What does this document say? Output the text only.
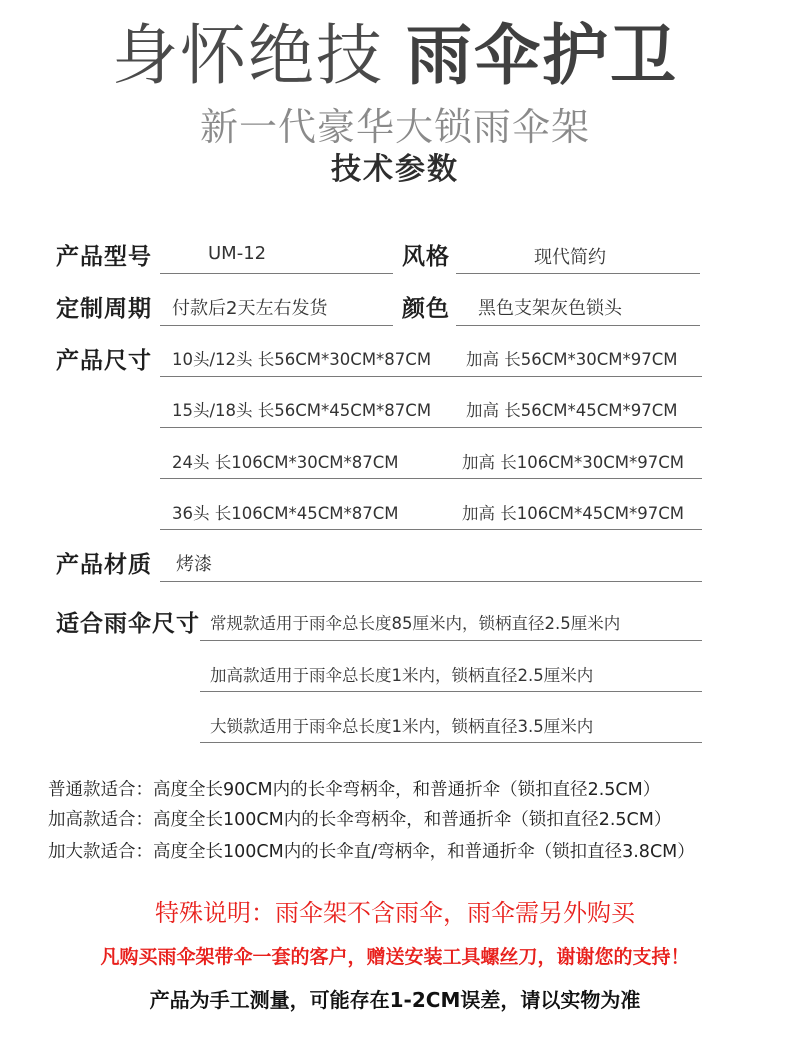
身怀绝技 雨伞护卫
新一代豪华大锁雨伞架
技术参数
产品型号	UM-12	风格	现代简约
定制周期 付款后2天左右发货	颜色 黑色支架灰色锁头
产品尺寸 10头/12头 长56CM*30CM*87CM 加高 长56CM*30CM*97CM
15头/18头 长56CM*45CM*87CM 加高 长56CM*45CM*97CM
24头 长106CM*30CM*87CM	加高 长106CM*30CM*97CM
36头 长106CM*45CM*87CM	加高 长106CM*45CM*97CM
产品材质 烤漆
适合雨伞尺寸 常规款适用于雨伞总长度85厘米内，锁柄直径2.5厘米内
加高款适用于雨伞总长度1米内，锁柄直径2.5厘米内
大锁款适用于雨伞总长度1米内，锁柄直径3.5厘米内
普通款适合：高度全长90CM内的长伞弯柄伞，和普通折伞（锁扣直径2.5CM）
加高款适合：高度全长100CM内的长伞弯柄伞，和普通折伞（锁扣直径2.5CM）
加大款适合：高度全长100CM内的长伞直/弯柄伞，和普通折伞（锁扣直径3.8CM）
特殊说明：雨伞架不含雨伞，雨伞需另外购买
凡购买雨伞架带伞一套的客户，赠送安装工具螺丝刀，谢谢您的支持！
产品为手工测量，可能存在1-2CM误差，请以实物为准
